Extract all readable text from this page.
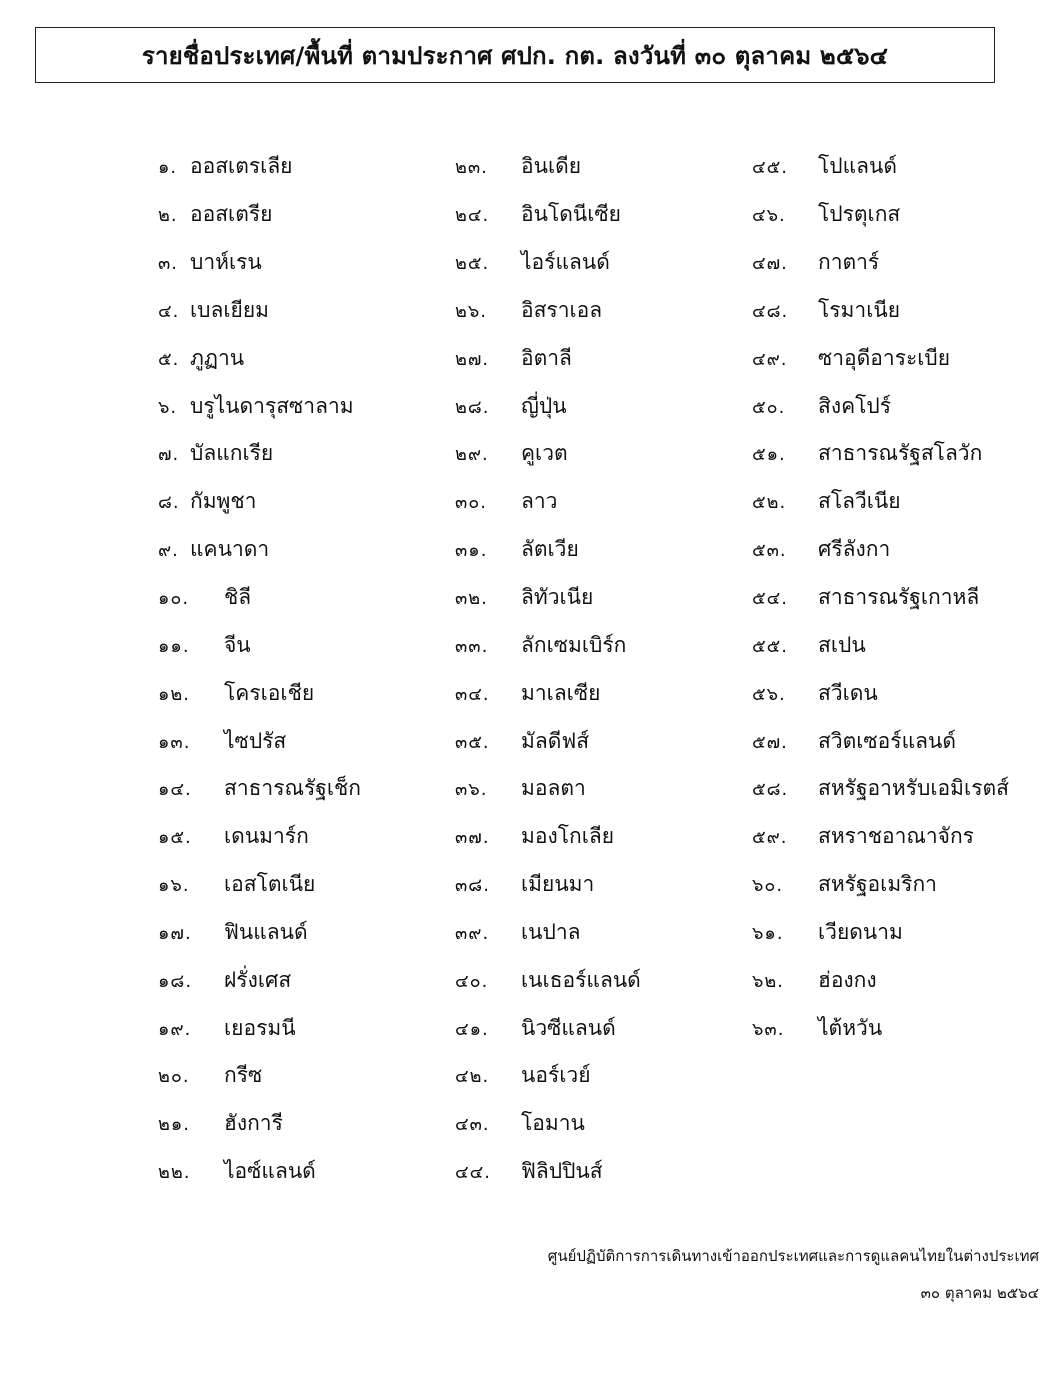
รายชื่อประเทศ/พื้นที่ ตามประกาศ ศปก. กต. ลงวันที่ ๓๐ ตุลาคม ๒๕๖๔
๑. ออสเตรเลีย
๒. ออสเตรีย
๓. บาห์เรน
๔. เบลเยียม
๕. ภูฏาน
๖. บรูไนดารุสซาลาม
๗. บัลแกเรีย
๘. กัมพูชา
๙. แคนาดา
๑๐.	ชิลี
๑๑.	จีน
๑๒.	โครเอเชีย
๑๓.	ไซปรัส
๑๔.	สาธารณรัฐเช็ก
๑๕.	เดนมาร์ก
๑๖.	เอสโตเนีย
๑๗.	ฟินแลนด์
๑๘.	ฝรั่งเศส
๑๙.	เยอรมนี
๒๐.	กรีซ
๒๑.	ฮังการี
๒๒.	ไอซ์แลนด์
๒๓.	อินเดีย
๒๔.	อินโดนีเซีย
๒๕.	ไอร์แลนด์
๒๖.	อิสราเอล
๒๗.	อิตาลี
๒๘.	ญี่ปุ่น
๒๙.	คูเวต
๓๐.	ลาว
๓๑.	ลัตเวีย
๓๒.	ลิทัวเนีย
๓๓.	ลักเซมเบิร์ก
๓๔.	มาเลเซีย
๓๕.	มัลดีฟส์
๓๖.	มอลตา
๓๗.	มองโกเลีย
๓๘.	เมียนมา
๓๙.	เนปาล
๔๐.	เนเธอร์แลนด์
๔๑.	นิวซีแลนด์
๔๒.	นอร์เวย์
๔๓.	โอมาน
๔๔.	ฟิลิปปินส์
๔๕.	โปแลนด์
๔๖.	โปรตุเกส
๔๗.	กาตาร์
๔๘.	โรมาเนีย
๔๙.	ซาอุดีอาระเบีย
๕๐.	สิงคโปร์
๕๑.	สาธารณรัฐสโลวัก
๕๒.	สโลวีเนีย
๕๓.	ศรีลังกา
๕๔.	สาธารณรัฐเกาหลี
๕๕.	สเปน
๕๖.	สวีเดน
๕๗.	สวิตเซอร์แลนด์
๕๘.	สหรัฐอาหรับเอมิเรตส์
๕๙.	สหราชอาณาจักร
๖๐.	สหรัฐอเมริกา
๖๑.	เวียดนาม
๖๒.	ฮ่องกง
๖๓.	ไต้หวัน
ศูนย์ปฏิบัติการการเดินทางเข้าออกประเทศและการดูแลคนไทยในต่างประเทศ
๓๐ ตุลาคม ๒๕๖๔
